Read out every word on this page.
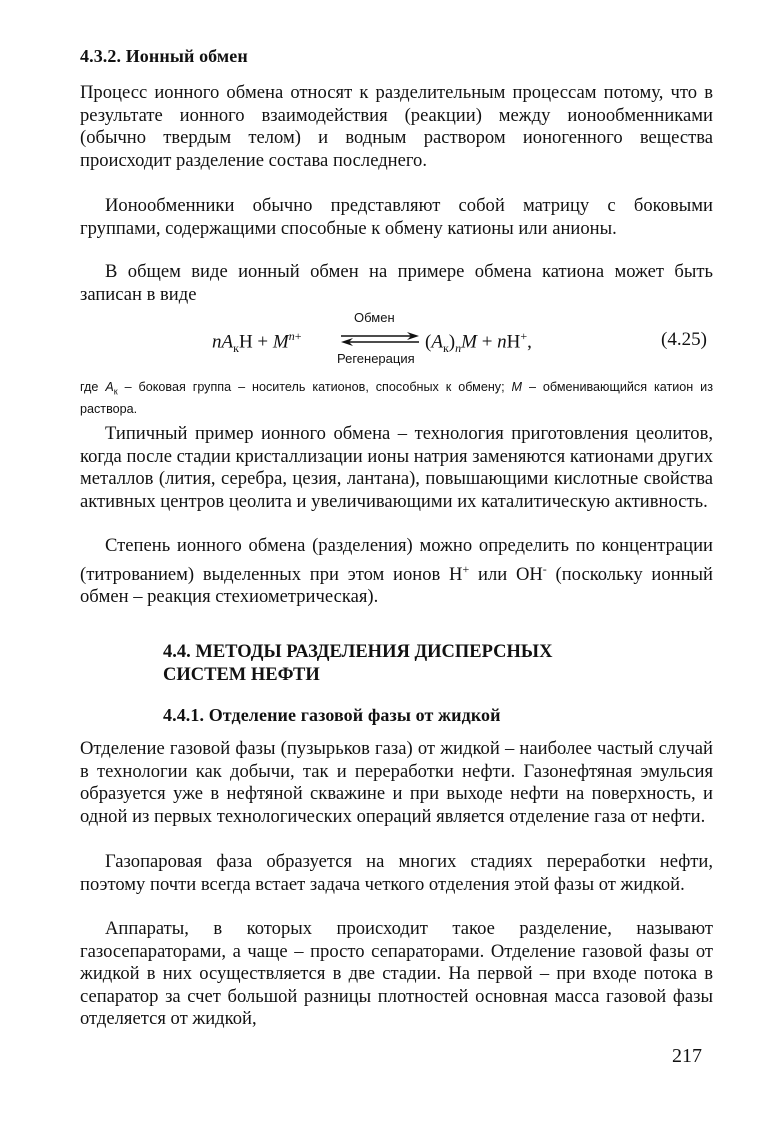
4.3.2. Ионный обмен
Процесс ионного обмена относят к разделительным процессам потому, что в результате ионного взаимодействия (реакции) между ионообменниками (обычно твердым телом) и водным раствором ионогенного вещества происходит разделение состава последнего.
Ионообменники обычно представляют собой матрицу с боковыми группами, содержащими способные к обмену катионы или анионы.
В общем виде ионный обмен на примере обмена катиона может быть записан в виде
Обмен
$nA_кH + M^{n+}$	$(A_к)_nM + nH^+$,	(4.25)
Регенерация
где $A_к$ – боковая группа – носитель катионов, способных к обмену; M – обменивающийся катион из раствора.
Типичный пример ионного обмена – технология приготовления цеолитов, когда после стадии кристаллизации ионы натрия заменяются катионами других металлов (лития, серебра, цезия, лантана), повышающими кислотные свойства активных центров цеолита и увеличивающими их каталитическую активность.
Степень ионного обмена (разделения) можно определить по концентрации (титрованием) выделенных при этом ионов H+ или OH- (поскольку ионный обмен – реакция стехиометрическая).
4.4. МЕТОДЫ РАЗДЕЛЕНИЯ ДИСПЕРСНЫХ
СИСТЕМ НЕФТИ
4.4.1. Отделение газовой фазы от жидкой
Отделение газовой фазы (пузырьков газа) от жидкой – наиболее частый случай в технологии как добычи, так и переработки нефти. Газонефтяная эмульсия образуется уже в нефтяной скважине и при выходе нефти на поверхность, и одной из первых технологических операций является отделение газа от нефти.
Газопаровая фаза образуется на многих стадиях переработки нефти, поэтому почти всегда встает задача четкого отделения этой фазы от жидкой.
Аппараты, в которых происходит такое разделение, называют газосепараторами, а чаще – просто сепараторами. Отделение газовой фазы от жидкой в них осуществляется в две стадии. На первой – при входе потока в сепаратор за счет большой разницы плотностей основная масса газовой фазы отделяется от жидкой,
217
